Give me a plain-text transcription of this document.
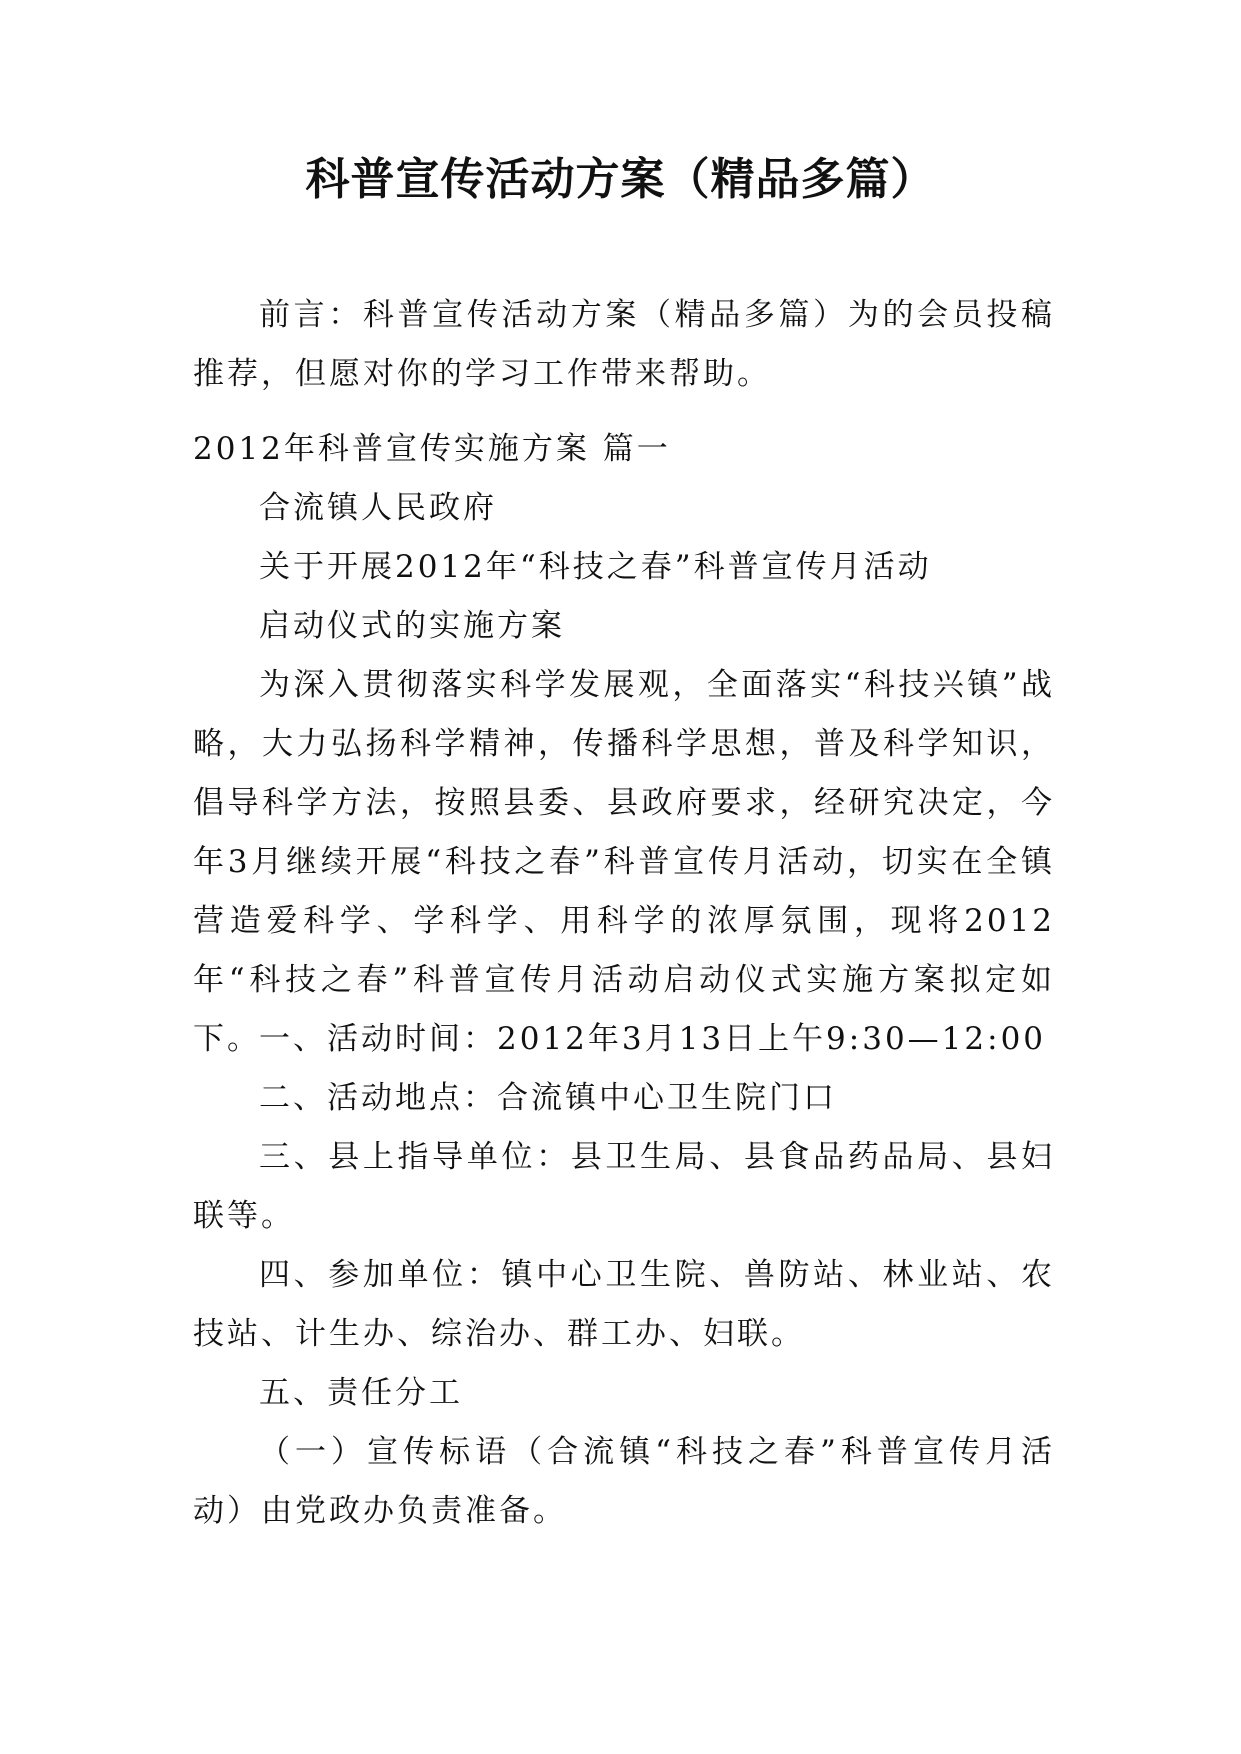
科普宣传活动方案（精品多篇）

前言：科普宣传活动方案（精品多篇）为的会员投稿推荐，但愿对你的学习工作带来帮助。

2012年科普宣传实施方案 篇一

合流镇人民政府

关于开展2012年“科技之春”科普宣传月活动

启动仪式的实施方案

为深入贯彻落实科学发展观，全面落实“科技兴镇”战略，大力弘扬科学精神，传播科学思想，普及科学知识，倡导科学方法，按照县委、县政府要求，经研究决定，今年3月继续开展“科技之春”科普宣传月活动，切实在全镇营造爱科学、学科学、用科学的浓厚氛围，现将2012年“科技之春”科普宣传月活动启动仪式实施方案拟定如下。

一、活动时间：2012年3月13日上午9:30—12:00

二、活动地点：合流镇中心卫生院门口

三、县上指导单位：县卫生局、县食品药品局、县妇联等。

四、参加单位：镇中心卫生院、兽防站、林业站、农技站、计生办、综治办、群工办、妇联。

五、责任分工

（一）宣传标语（合流镇“科技之春”科普宣传月活动）由党政办负责准备。
